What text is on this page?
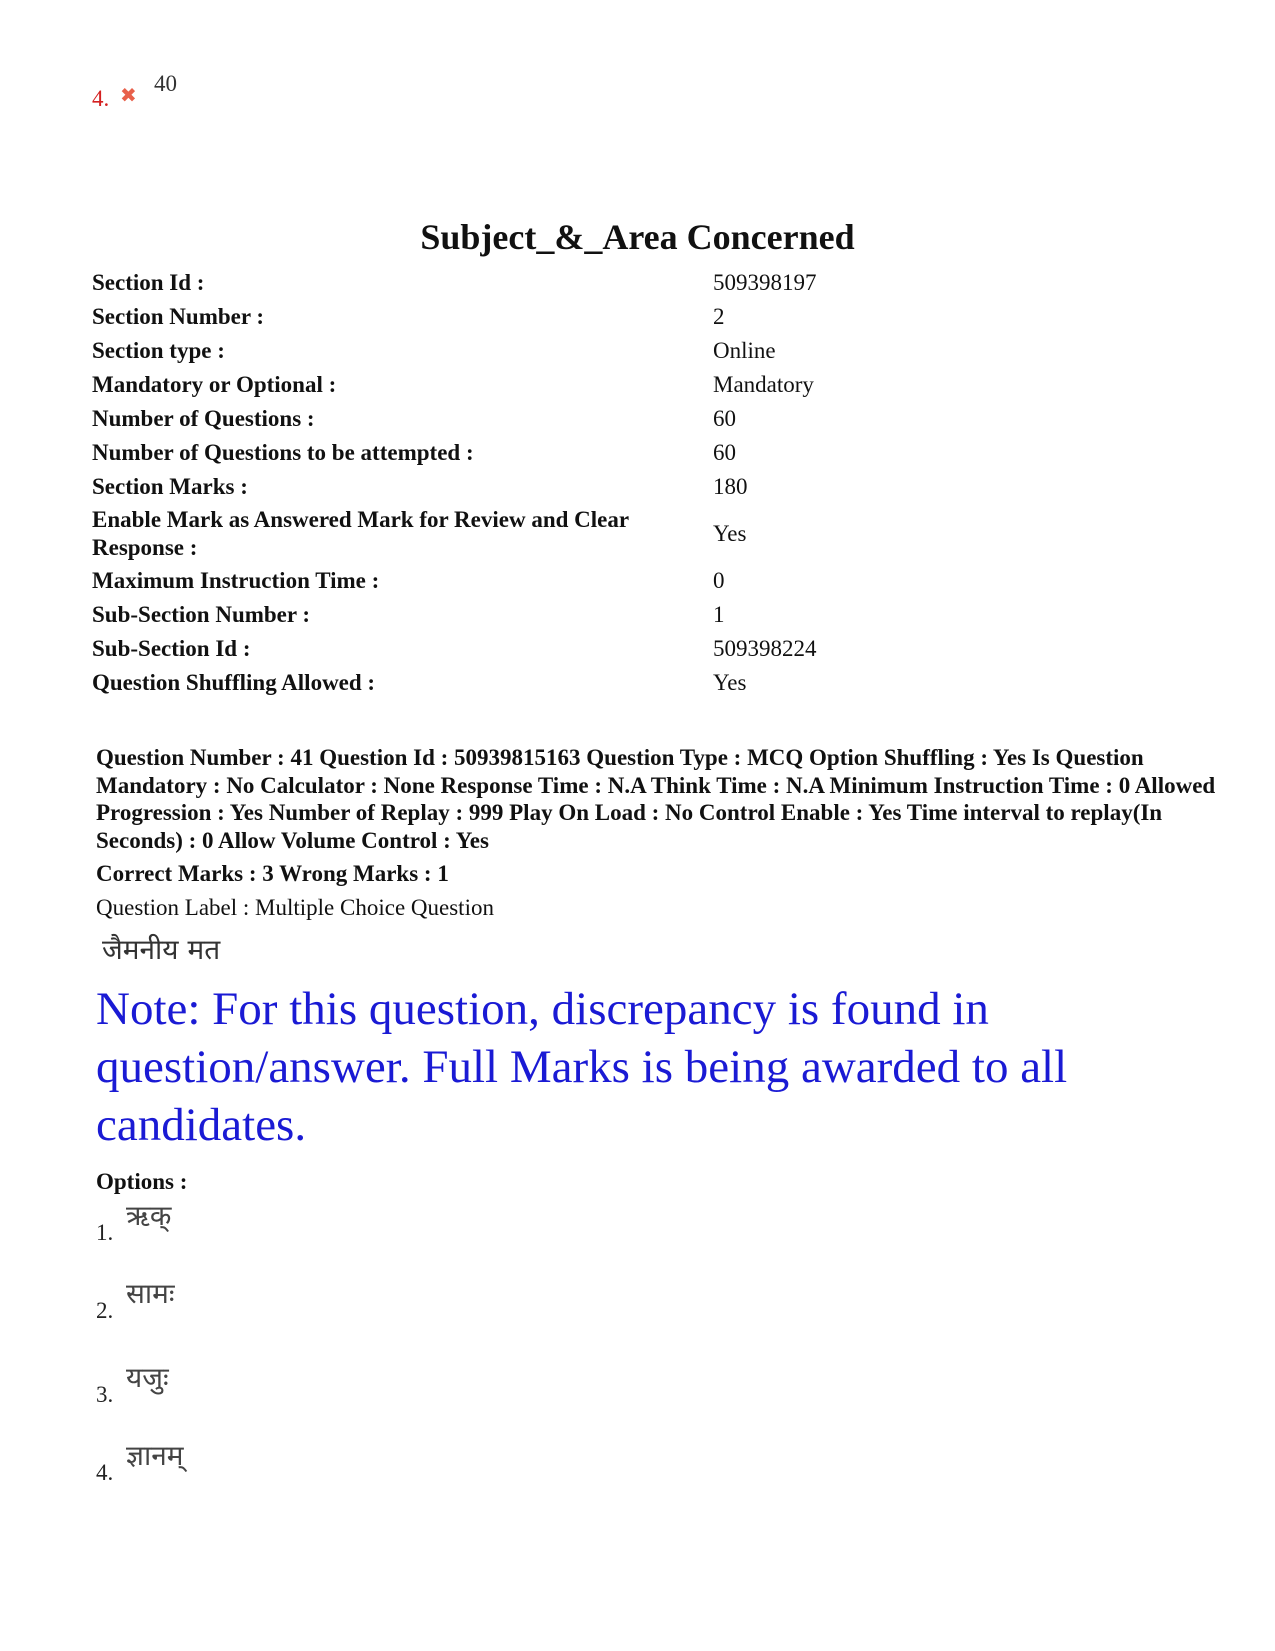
4. ✖ 40
Subject_&_Area Concerned
Section Id :	509398197
Section Number :	2
Section type :	Online
Mandatory or Optional :	Mandatory
Number of Questions :	60
Number of Questions to be attempted :	60
Section Marks :	180
Enable Mark as Answered Mark for Review and Clear Response :	Yes
Maximum Instruction Time :	0
Sub-Section Number :	1
Sub-Section Id :	509398224
Question Shuffling Allowed :	Yes

Question Number : 41 Question Id : 50939815163 Question Type : MCQ Option Shuffling : Yes Is Question Mandatory : No Calculator : None Response Time : N.A Think Time : N.A Minimum Instruction Time : 0 Allowed Progression : Yes Number of Replay : 999 Play On Load : No Control Enable : Yes Time interval to replay(In Seconds) : 0 Allow Volume Control : Yes

Correct Marks : 3 Wrong Marks : 1

Question Label : Multiple Choice Question

जैमनीय मत
Note: For this question, discrepancy is found in question/answer. Full Marks is being awarded to all candidates.

Options :

1.
ऋक्
2.
सामः
3.
यजुः
4.
ज्ञानम्
